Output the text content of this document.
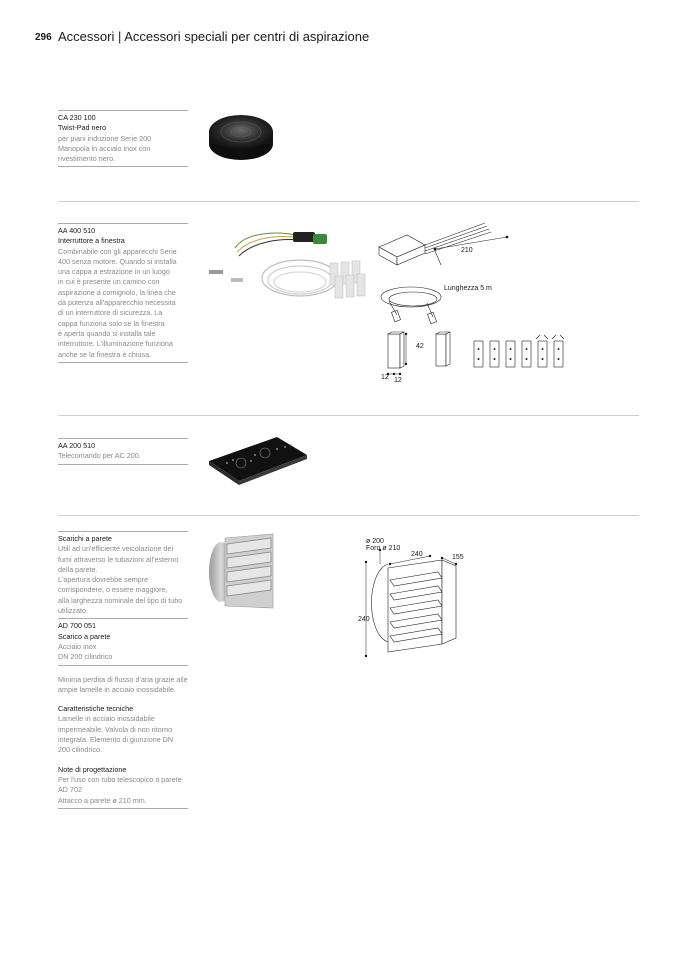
296 Accessori | Accessori speciali per centri di aspirazione
CA 230 100
Twist-Pad nero
per piani induzione Serie 200
Manopola in acciaio inox con
rivestimento nero.
AA 400 510
Interruttore a finestra
Combinabile con gli apparecchi Serie
400 senza motore. Quando si installa
una cappa a estrazione in un luogo
in cui è presente un camino con
aspirazione a comignolo, la linea che
dà potenza all'apparecchio necessita
di un interruttore di sicurezza. La
cappa funziona solo se la finestra
è aperta quando si installa tale
interruttore. L'illuminazione funziona
anche se la finestra è chiusa.
210
Lunghezza 5 m
42
12 12
AA 200 510
Telecomando per AC 200.
Scarichi a parete
Utili ad un'efficiente veicolazione dei
fumi attraverso le tubazioni all'esterno
della parete.
L'apertura dovrebbe sempre
corrispondere, o essere maggiore,
alla larghezza nominale del tipo di tubo
utilizzato.
AD 700 051
Scarico a parete
Acciaio inox
DN 200 cilindrico
Minima perdita di flusso d'aria grazie alle
ampie lamelle in acciaio inossidabile.
Caratteristiche tecniche
Lamelle in acciaio inossidabile
impermeabile. Valvola di non ritorno
integrata. Elemento di giunzione DN
200 cilindrico.
Note di progettazione
Per l'uso con tubo telescopico a parete
AD 702
Attacco a parete ø 210 mm.
ø 200
Foro ø 210
240	155
240
